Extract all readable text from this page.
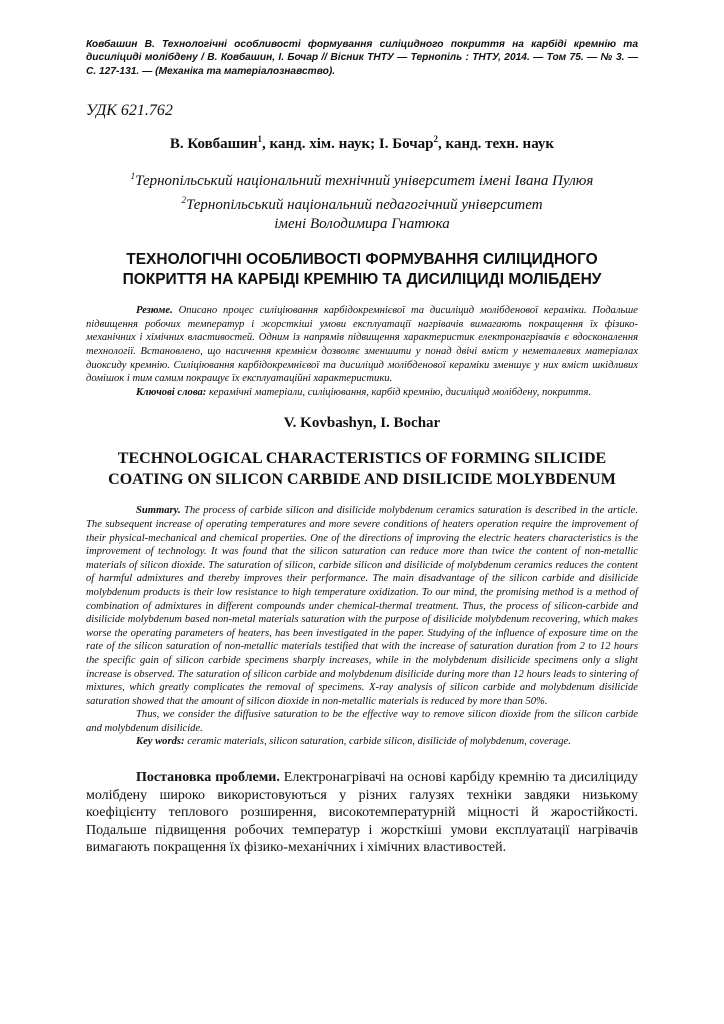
Ковбашин В. Технологічні особливості формування силіцидного покриття на карбіді кремнію та дисиліциді молібдену / В. Ковбашин, І. Бочар // Вісник ТНТУ — Тернопіль : ТНТУ, 2014. — Том 75. — № 3. — С. 127-131. — (Механіка та матеріалознавство).
УДК 621.762
В. Ковбашин$^1$, канд. хім. наук; І. Бочар$^2$, канд. техн. наук
$^1$Тернопільський національний технічний університет імені Івана Пулюя
$^2$Тернопільський національний педагогічний університет
імені Володимира Гнатюка
ТЕХНОЛОГІЧНІ ОСОБЛИВОСТІ ФОРМУВАННЯ СИЛІЦИДНОГО ПОКРИТТЯ НА КАРБІДІ КРЕМНІЮ ТА ДИСИЛІЦИДІ МОЛІБДЕНУ

Резюме. Описано процес силіціювання карбідокремнієвої та дисиліцид молібденової кераміки. Подальше підвищення робочих температур і жорсткіші умови експлуатації нагрівачів вимагають покращення їх фізико-механічних і хімічних властивостей. Одним із напрямів підвищення характеристик електронагрівачів є вдосконалення технології. Встановлено, що насичення кремнієм дозволяє зменшити у понад двічі вміст у неметалевих матеріалах диоксиду кремнію. Силіціювання карбідокремнієвої та дисиліцид молібденової кераміки зменшує у них вміст шкідливих домішок і тим самим покращує їх експлуатаційні характеристики.

Ключові слова: керамічні матеріали, силіціювання, карбід кремнію, дисиліцид молібдену, покриття.

V. Kovbashyn, I. Bochar
TECHNOLOGICAL CHARACTERISTICS OF FORMING SILICIDE COATING ON SILICON CARBIDE AND DISILICIDE MOLYBDENUM

Summary. The process of carbide silicon and disilicide molybdenum ceramics saturation is described in the article. The subsequent increase of operating temperatures and more severe conditions of heaters operation require the improvement of their physical-mechanical and chemical properties. One of the directions of improving the electric heaters characteristics is the improvement of technology. It was found that the silicon saturation can reduce more than twice the content of non-metallic materials of silicon dioxide. The saturation of silicon, carbide silicon and disilicide of molybdenum ceramics reduces the content of harmful admixtures and thereby improves their performance. The main disadvantage of the silicon carbide and disilicide molybdenum products is their low resistance to high temperature oxidization. To our mind, the promising method is a method of combination of admixtures in different compounds under chemical-thermal treatment. Thus, the process of silicon-carbide and disilicide molybdenum based non-metal materials saturation with the purpose of disilicide molybdenum recovering, which makes worse the operating parameters of heaters, has been investigated in the paper. Studying of the influence of exposure time on the rate of the silicon saturation of non-metallic materials testified that with the increase of saturation duration from 2 to 12 hours the specific gain of silicon carbide specimens sharply increases, while in the molybdenum disilicide specimens only a slight increase is observed. The saturation of silicon carbide and molybdenum disilicide during more than 12 hours leads to sintering of mixtures, which greatly complicates the removal of specimens. X-ray analysis of silicon carbide and molybdenum disilicide saturation showed that the amount of silicon dioxide in non-metallic materials is reduced by more than 50%.

Thus, we consider the diffusive saturation to be the effective way to remove silicon dioxide from the silicon carbide and molybdenum disilicide.

Key words: ceramic materials, silicon saturation, carbide silicon, disilicide of molybdenum, coverage.

Постановка проблеми. Електронагрівачі на основі карбіду кремнію та дисиліциду молібдену широко використовуються у різних галузях техніки завдяки низькому коефіцієнту теплового розширення, високотемпературній міцності й жаростійкості. Подальше підвищення робочих температур і жорсткіші умови експлуатації нагрівачів вимагають покращення їх фізико-механічних і хімічних властивостей.
